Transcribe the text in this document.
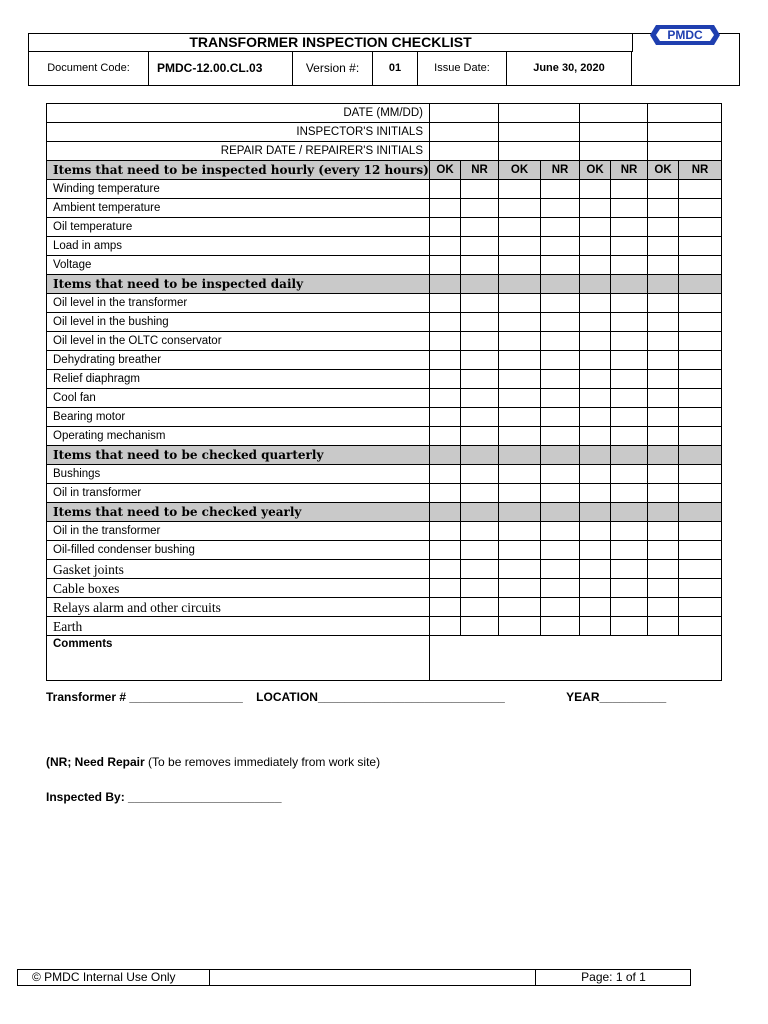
TRANSFORMER INSPECTION CHECKLIST
Document Code:	PMDC-12.00.CL.03	Version #:	01	Issue Date:	June 30, 2020
PMDC
DATE (MM/DD)								
INSPECTOR'S INITIALS								
REPAIR DATE / REPAIRER'S INITIALS								
Items that need to be inspected hourly (every 12 hours)	OK	NR	OK	NR	OK	NR	OK	NR
Winding temperature								
Ambient temperature								
Oil temperature								
Load in amps								
Voltage								
Items that need to be inspected daily								
Oil level in the transformer								
Oil level in the bushing								
Oil level in the OLTC conservator								
Dehydrating breather								
Relief diaphragm								
Cool fan								
Bearing motor								
Operating mechanism								
Items that need to be checked quarterly								
Bushings								
Oil in transformer								
Items that need to be checked yearly								
Oil in the transformer								
Oil-filled condenser bushing								
Gasket joints								
Cable boxes								
Relays alarm and other circuits								
Earth								
Comments								
Transformer # _________________ LOCATION____________________________	YEAR__________
(NR; Need Repair (To be removes immediately from work site)
Inspected By: _______________________
© PMDC Internal Use Only	Page: 1 of 1
